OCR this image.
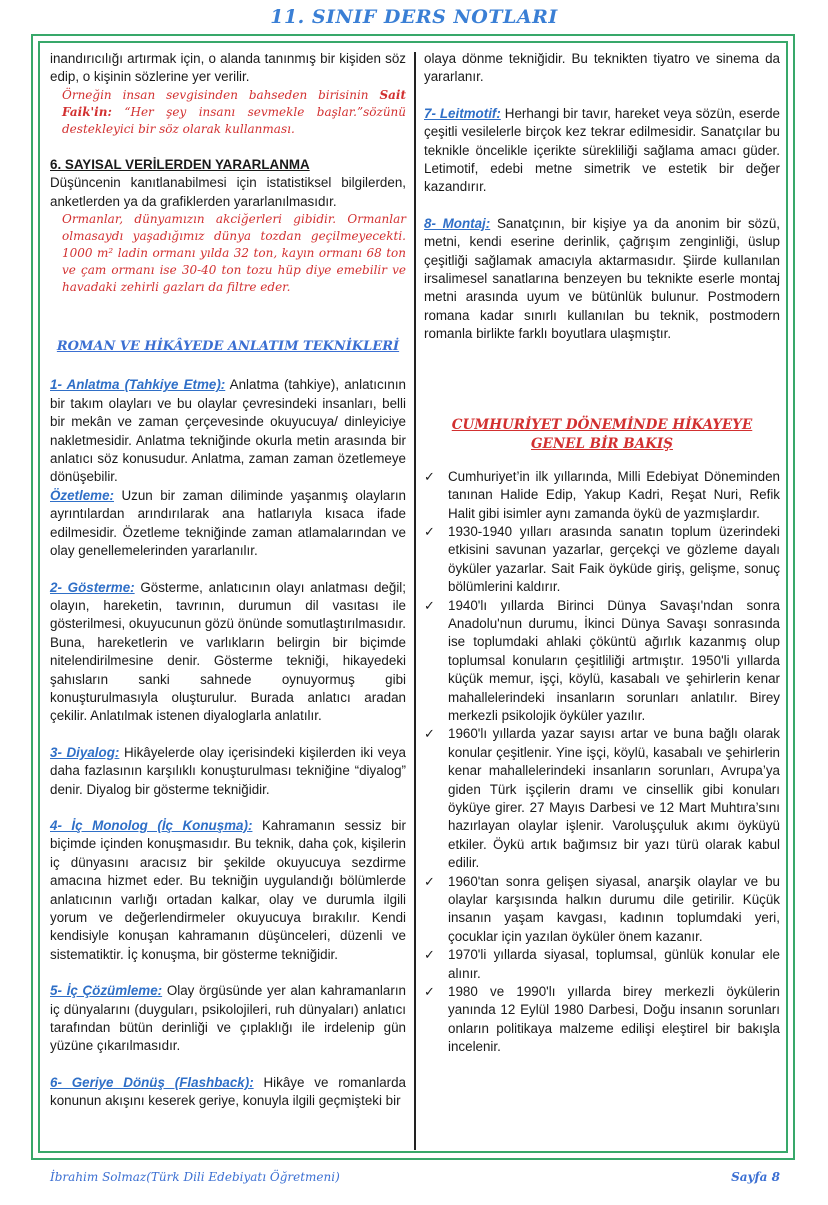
11. SINIF DERS NOTLARI

inandırıcılığı artırmak için, o alanda tanınmış bir kişiden söz edip, o kişinin sözlerine yer verilir.

Örneğin insan sevgisinden bahseden birisinin Sait Faik'in: “Her şey insanı sevmekle başlar.”sözünü destekleyici bir söz olarak kullanması.

6. SAYISAL VERİLERDEN YARARLANMA

Düşüncenin kanıtlanabilmesi için istatistiksel bilgilerden, anketlerden ya da grafiklerden yararlanılmasıdır.

Ormanlar, dünyamızın akciğerleri gibidir. Ormanlar olmasaydı yaşadığımız dünya tozdan geçilmeyecekti. 1000 m² ladin ormanı yılda 32 ton, kayın ormanı 68 ton ve çam ormanı ise 30-40 ton tozu hüp diye emebilir ve havadaki zehirli gazları da filtre eder.

ROMAN VE HİKÂYEDE ANLATIM TEKNİKLERİ

1- Anlatma (Tahkiye Etme): Anlatma (tahkiye), anlatıcının bir takım olayları ve bu olaylar çevresindeki insanları, belli bir mekân ve zaman çerçevesinde okuyucuya/ dinleyiciye nakletmesidir. Anlatma tekniğinde okurla metin arasında bir anlatıcı söz konusudur. Anlatma, zaman zaman özetlemeye dönüşebilir.

Özetleme: Uzun bir zaman diliminde yaşanmış olayların ayrıntılardan arındırılarak ana hatlarıyla kısaca ifade edilmesidir. Özetleme tekniğinde zaman atlamalarından ve olay genellemelerinden yararlanılır.

2- Gösterme: Gösterme, anlatıcının olayı anlatması değil; olayın, hareketin, tavrının, durumun dil vasıtası ile gösterilmesi, okuyucunun gözü önünde somutlaştırılmasıdır. Buna, hareketlerin ve varlıkların belirgin bir biçimde nitelendirilmesine denir. Gösterme tekniği, hikayedeki şahısların sanki sahnede oynuyormuş gibi konuşturulmasıyla oluşturulur. Burada anlatıcı aradan çekilir. Anlatılmak istenen diyaloglarla anlatılır.

3- Diyalog: Hikâyelerde olay içerisindeki kişilerden iki veya daha fazlasının karşılıklı konuşturulması tekniğine “diyalog” denir. Diyalog bir gösterme tekniğidir.

4- İç Monolog (İç Konuşma): Kahramanın sessiz bir biçimde içinden konuşmasıdır. Bu teknik, daha çok, kişilerin iç dünyasını aracısız bir şekilde okuyucuya sezdirme amacına hizmet eder. Bu tekniğin uygulandığı bölümlerde anlatıcının varlığı ortadan kalkar, olay ve durumla ilgili yorum ve değerlendirmeler okuyucuya bırakılır. Kendi kendisiyle konuşan kahramanın düşünceleri, düzenli ve sistematiktir. İç konuşma, bir gösterme tekniğidir.

5- İç Çözümleme: Olay örgüsünde yer alan kahramanların iç dünyalarını (duyguları, psikolojileri, ruh dünyaları) anlatıcı tarafından bütün derinliği ve çıplaklığı ile irdelenip gün yüzüne çıkarılmasıdır.

6- Geriye Dönüş (Flashback): Hikâye ve romanlarda konunun akışını keserek geriye, konuyla ilgili geçmişteki bir

olaya dönme tekniğidir. Bu teknikten tiyatro ve sinema da yararlanır.

7- Leitmotif: Herhangi bir tavır, hareket veya sözün, eserde çeşitli vesilelerle birçok kez tekrar edilmesidir. Sanatçılar bu teknikle öncelikle içerikte sürekliliği sağlama amacı güder. Letimotif, edebi metne simetrik ve estetik bir değer kazandırır.

8- Montaj: Sanatçının, bir kişiye ya da anonim bir sözü, metni, kendi eserine derinlik, çağrışım zenginliği, üslup çeşitliği sağlamak amacıyla aktarmasıdır. Şiirde kullanılan irsalimesel sanatlarına benzeyen bu teknikte eserle montaj metni arasında uyum ve bütünlük bulunur. Postmodern romana kadar sınırlı kullanılan bu teknik, postmodern romanla birlikte farklı boyutlara ulaşmıştır.

CUMHURİYET DÖNEMİNDE HİKAYEYE

GENEL BİR BAKIŞ

✓ Cumhuriyet’in ilk yıllarında, Milli Edebiyat Döneminden tanınan Halide Edip, Yakup Kadri, Reşat Nuri, Refik Halit gibi isimler aynı zamanda öykü de yazmışlardır.
✓ 1930-1940 yılları arasında sanatın toplum üzerindeki etkisini savunan yazarlar, gerçekçi ve gözleme dayalı öyküler yazarlar. Sait Faik öyküde giriş, gelişme, sonuç bölümlerini kaldırır.
✓ 1940'lı yıllarda Birinci Dünya Savaşı'ndan sonra Anadolu'nun durumu, İkinci Dünya Savaşı sonrasında ise toplumdaki ahlaki çöküntü ağırlık kazanmış olup toplumsal konuların çeşitliliği artmıştır. 1950'li yıllarda küçük memur, işçi, köylü, kasabalı ve şehirlerin kenar mahallelerindeki insanların sorunları anlatılır. Birey merkezli psikolojik öyküler yazılır.
✓ 1960'lı yıllarda yazar sayısı artar ve buna bağlı olarak konular çeşitlenir. Yine işçi, köylü, kasabalı ve şehirlerin kenar mahallelerindeki insanların sorunları, Avrupa’ya giden Türk işçilerin dramı ve cinsellik gibi konuları öyküye girer. 27 Mayıs Darbesi ve 12 Mart Muhtıra’sını hazırlayan olaylar işlenir. Varoluşçuluk akımı öyküyü etkiler. Öykü artık bağımsız bir yazı türü olarak kabul edilir.
✓ 1960'tan sonra gelişen siyasal, anarşik olaylar ve bu olaylar karşısında halkın durumu dile getirilir. Küçük insanın yaşam kavgası, kadının toplumdaki yeri, çocuklar için yazılan öyküler önem kazanır.
✓ 1970'li yıllarda siyasal, toplumsal, günlük konular ele alınır.
✓ 1980 ve 1990'lı yıllarda birey merkezli öykülerin yanında 12 Eylül 1980 Darbesi, Doğu insanın sorunları onların politikaya malzeme edilişi eleştirel bir bakışla incelenir.
İbrahim Solmaz(Türk Dili Edebiyatı Öğretmeni)	Sayfa 8
